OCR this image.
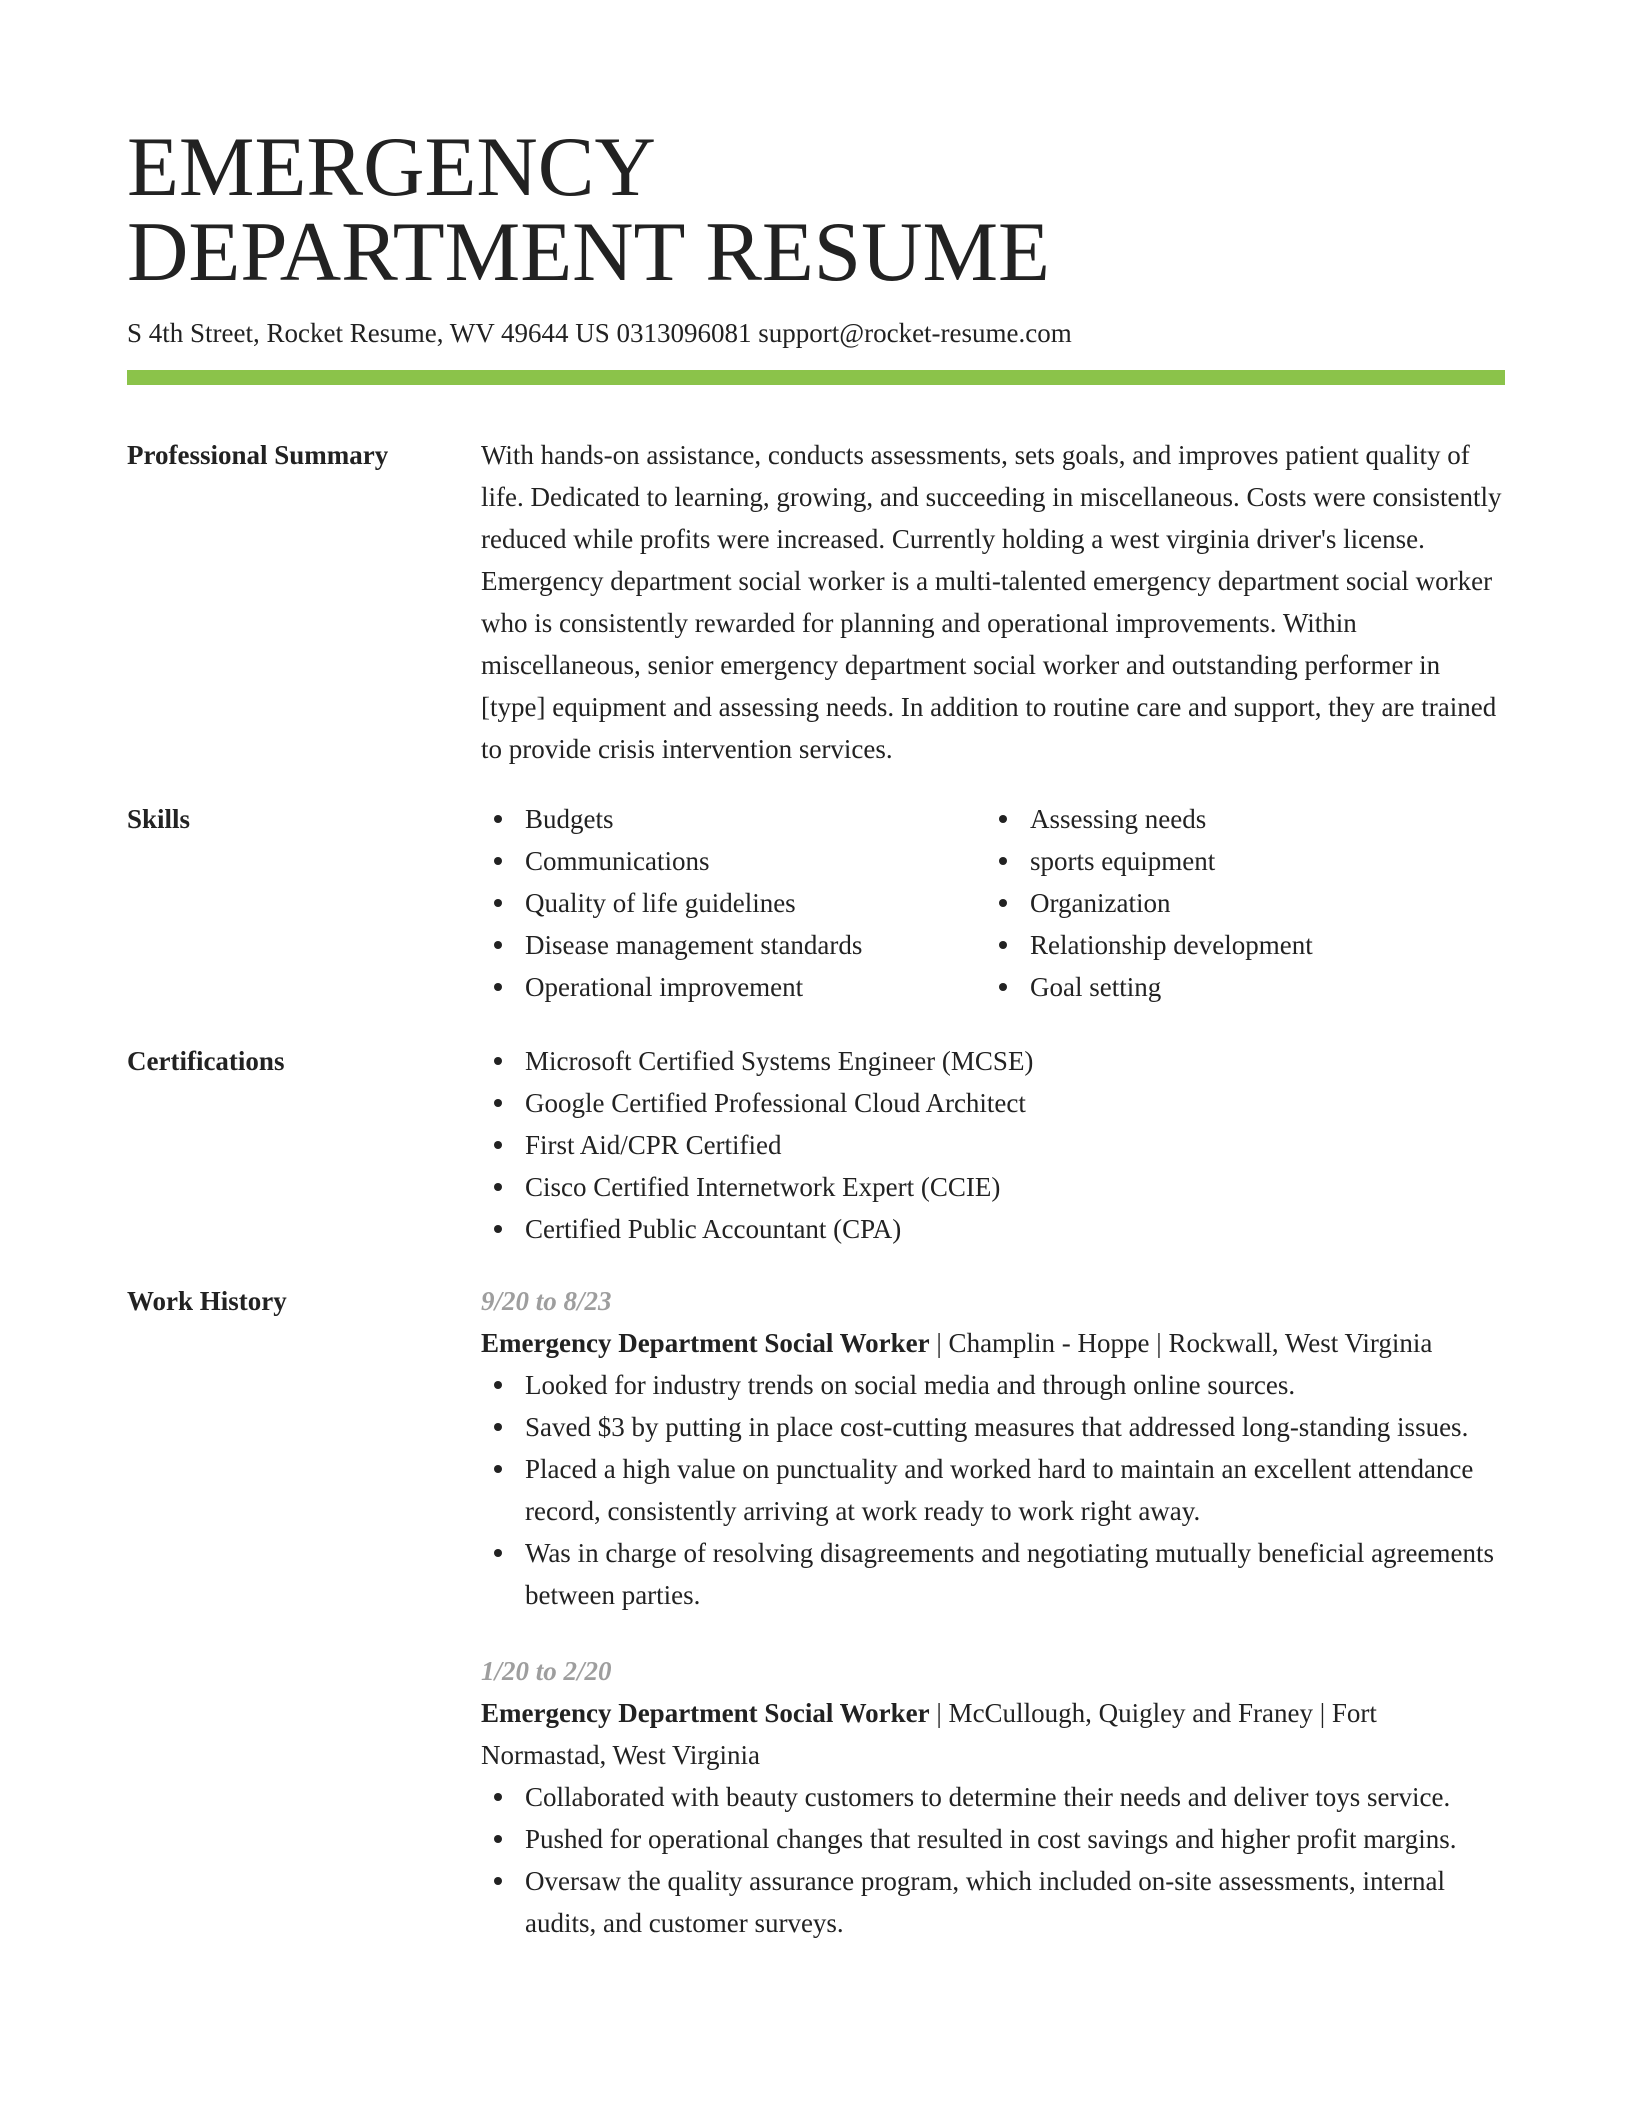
EMERGENCY
DEPARTMENT RESUME
S 4th Street, Rocket Resume, WV 49644 US 0313096081 support@rocket-resume.com
Professional Summary	With hands-on assistance, conducts assessments, sets goals, and improves patient quality of life. Dedicated to learning, growing, and succeeding in miscellaneous. Costs were consistently reduced while profits were increased. Currently holding a west virginia driver's license. Emergency department social worker is a multi-talented emergency department social worker who is consistently rewarded for planning and operational improvements. Within miscellaneous, senior emergency department social worker and outstanding performer in [type] equipment and assessing needs. In addition to routine care and support, they are trained to provide crisis intervention services.

Skills	Budgets
Communications
Quality of life guidelines
Disease management standards
Operational improvement
Assessing needs
sports equipment
Organization
Relationship development
Goal setting
Certifications	Microsoft Certified Systems Engineer (MCSE)
Google Certified Professional Cloud Architect
First Aid/CPR Certified
Cisco Certified Internetwork Expert (CCIE)
Certified Public Accountant (CPA)
Work History	9/20 to 8/23
Emergency Department Social Worker | Champlin - Hoppe | Rockwall, West Virginia
Looked for industry trends on social media and through online sources.
Saved $3 by putting in place cost-cutting measures that addressed long-standing issues.
Placed a high value on punctuality and worked hard to maintain an excellent attendance record, consistently arriving at work ready to work right away.
Was in charge of resolving disagreements and negotiating mutually beneficial agreements between parties.
1/20 to 2/20
Emergency Department Social Worker | McCullough, Quigley and Franey | Fort Normastad, West Virginia
Collaborated with beauty customers to determine their needs and deliver toys service.
Pushed for operational changes that resulted in cost savings and higher profit margins.
Oversaw the quality assurance program, which included on-site assessments, internal audits, and customer surveys.
